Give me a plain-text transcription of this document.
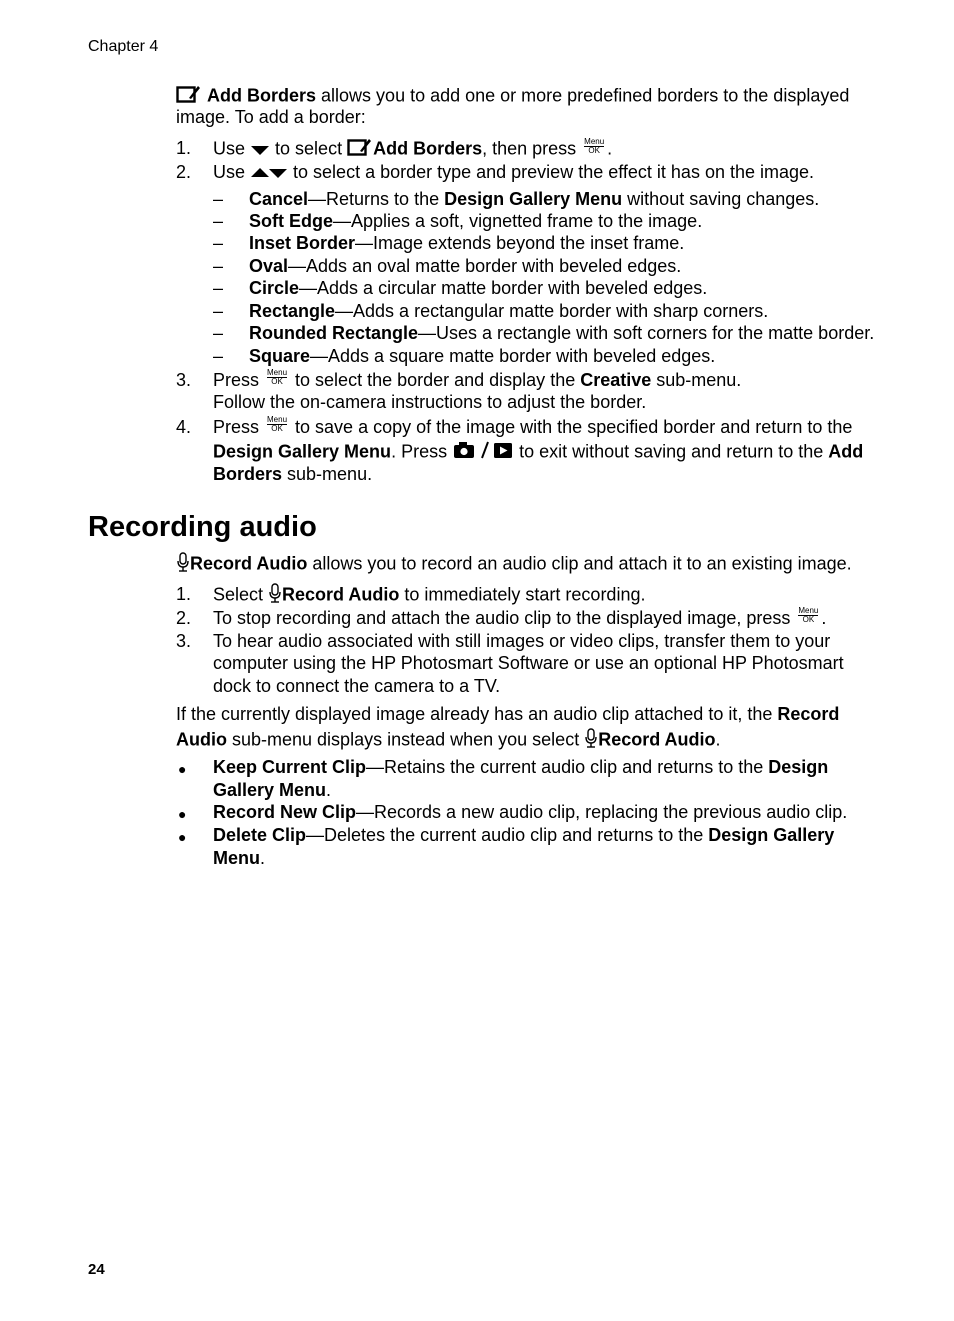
Chapter 4
24
Add Borders allows you to add one or more predefined borders to the displayed
image. To add a border:
1. Use  to select Add Borders, then press	Menu
OK .
2. Use  to select a border type and preview the effect it has on the image.
– Cancel—Returns to the Design Gallery Menu without saving changes.
– Soft Edge—Applies a soft, vignetted frame to the image.
– Inset Border—Image extends beyond the inset frame.
– Oval—Adds an oval matte border with beveled edges.
– Circle—Adds a circular matte border with beveled edges.
– Rectangle—Adds a rectangular matte border with sharp corners.
– Rounded Rectangle—Uses a rectangle with soft corners for the matte border.
– Square—Adds a square matte border with beveled edges.
3. Press	Menu
OK to select the border and display the Creative sub-menu.
Follow the on-camera instructions to adjust the border.
4. Press	Menu
OK to save a copy of the image with the specified border and return to the
Design Gallery Menu. Press	to exit without saving and return to the Add
Borders sub-menu.
Recording audio
Record Audio allows you to record an audio clip and attach it to an existing image.
1. Select Record Audio to immediately start recording.
2. To stop recording and attach the audio clip to the displayed image, press	Menu
OK .
3. To hear audio associated with still images or video clips, transfer them to your
computer using the HP Photosmart Software or use an optional HP Photosmart
dock to connect the camera to a TV.
If the currently displayed image already has an audio clip attached to it, the Record
Audio sub-menu displays instead when you select Record Audio.
● Keep Current Clip—Retains the current audio clip and returns to the Design
Gallery Menu.
● Record New Clip—Records a new audio clip, replacing the previous audio clip.
● Delete Clip—Deletes the current audio clip and returns to the Design Gallery
Menu.
